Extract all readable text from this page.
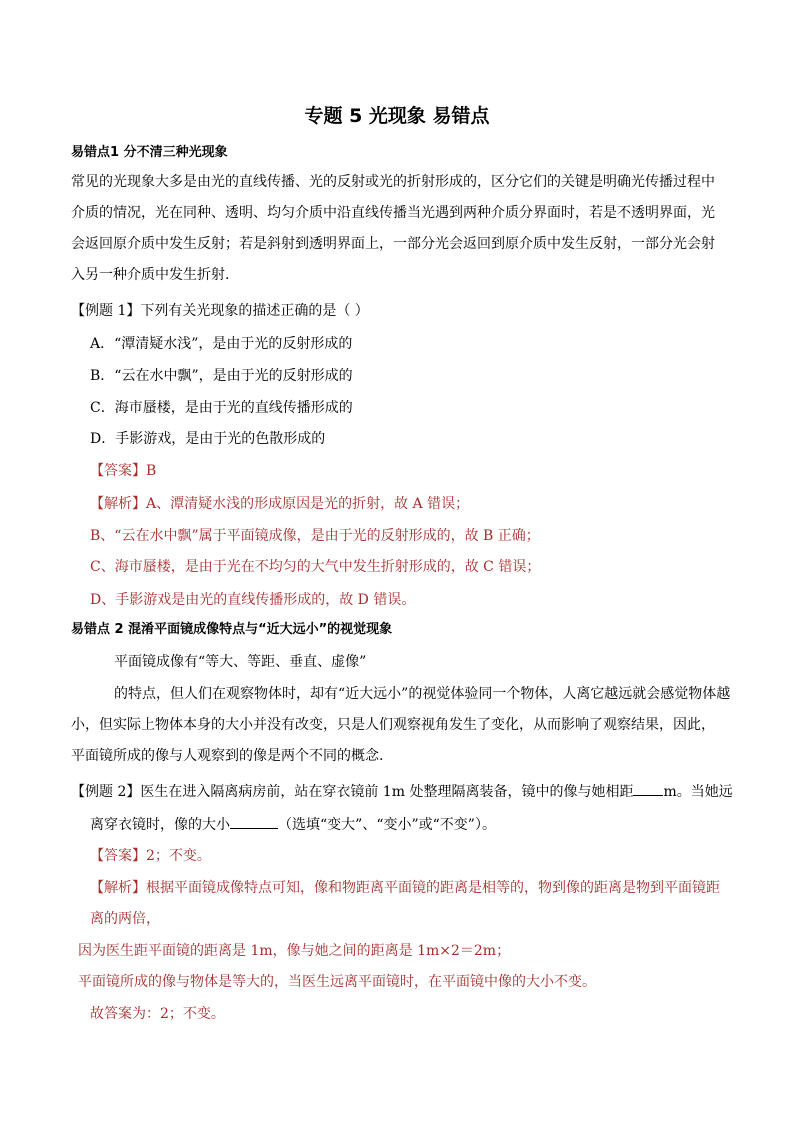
专题 5 光现象 易错点
易错点1 分不清三种光现象
常见的光现象大多是由光的直线传播、光的反射或光的折射形成的，区分它们的关键是明确光传播过程中
介质的情况，光在同种、透明、均匀介质中沿直线传播当光遇到两种介质分界面时，若是不透明界面，光
会返回原介质中发生反射；若是斜射到透明界面上，一部分光会返回到原介质中发生反射，一部分光会射
入另一种介质中发生折射.
【例题 1】下列有关光现象的描述正确的是（ ）
A．“潭清疑水浅”，是由于光的反射形成的
B．“云在水中飘”，是由于光的反射形成的
C．海市蜃楼，是由于光的直线传播形成的
D．手影游戏，是由于光的色散形成的
【答案】B
【解析】A、潭清疑水浅的形成原因是光的折射，故 A 错误；
B、“云在水中飘”属于平面镜成像，是由于光的反射形成的，故 B 正确；
C、海市蜃楼，是由于光在不均匀的大气中发生折射形成的，故 C 错误；
D、手影游戏是由光的直线传播形成的，故 D 错误。
易错点 2 混淆平面镜成像特点与“近大远小”的视觉现象
平面镜成像有“等大、等距、垂直、虚像”
的特点，但人们在观察物体时，却有“近大远小”的视觉体验同一个物体，人离它越远就会感觉物体越
小，但实际上物体本身的大小并没有改变，只是人们观察视角发生了变化，从而影响了观察结果，因此，
平面镜所成的像与人观察到的像是两个不同的概念.
【例题 2】医生在进入隔离病房前，站在穿衣镜前 1m 处整理隔离装备，镜中的像与她相距 m。当她远
离穿衣镜时，像的大小	（选填“变大”、“变小”或“不变”）。
【答案】2；不变。
【解析】根据平面镜成像特点可知，像和物距离平面镜的距离是相等的，物到像的距离是物到平面镜距
离的两倍，
因为医生距平面镜的距离是 1m，像与她之间的距离是 1m×2＝2m；
平面镜所成的像与物体是等大的，当医生远离平面镜时，在平面镜中像的大小不变。
故答案为：2；不变。
